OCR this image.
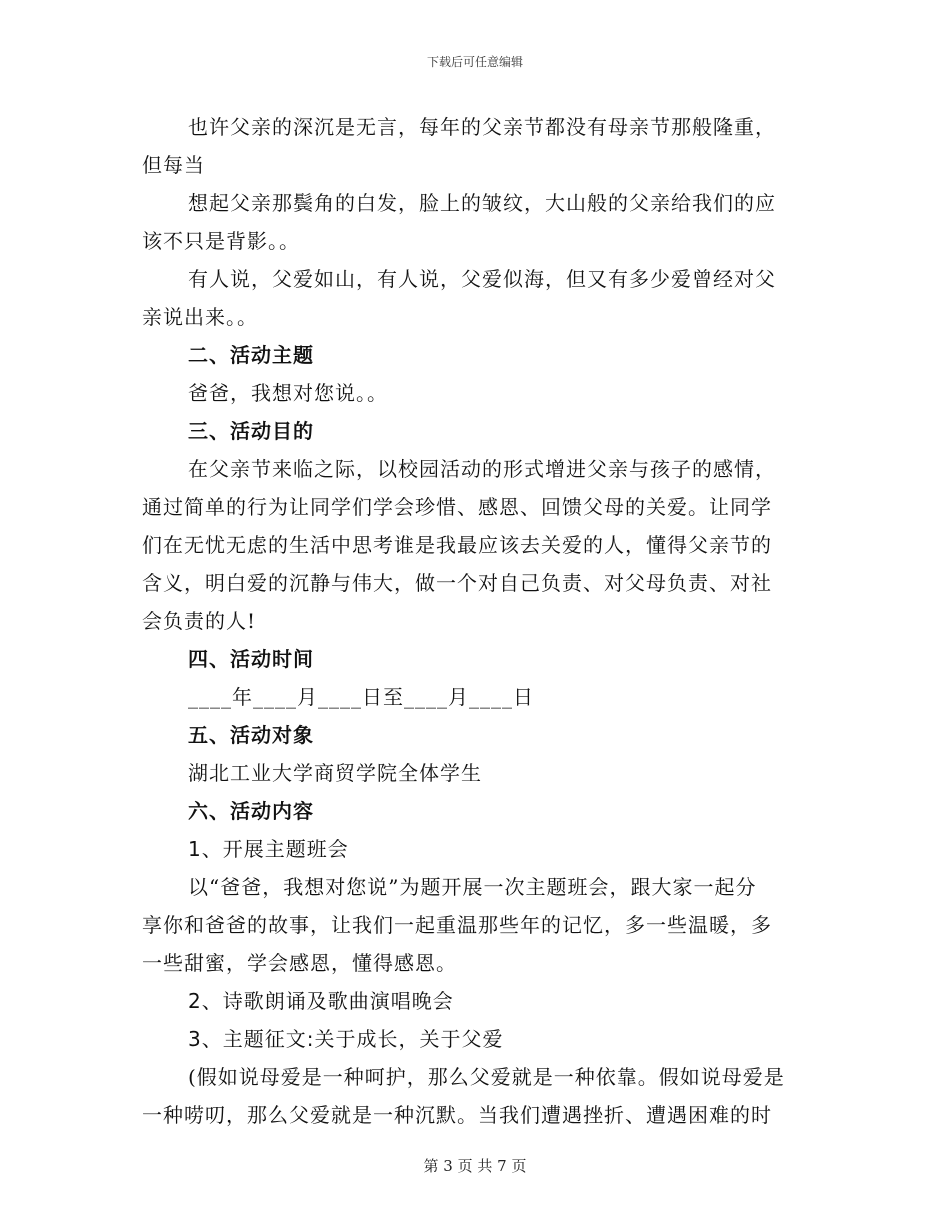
下载后可任意编辑
也许父亲的深沉是无言，每年的父亲节都没有母亲节那般隆重，
但每当
想起父亲那鬓角的白发，脸上的皱纹，大山般的父亲给我们的应
该不只是背影。。
有人说，父爱如山，有人说，父爱似海，但又有多少爱曾经对父
亲说出来。。
二、活动主题
爸爸，我想对您说。。
三、活动目的
在父亲节来临之际，以校园活动的形式增进父亲与孩子的感情，
通过简单的行为让同学们学会珍惜、感恩、回馈父母的关爱。让同学
们在无忧无虑的生活中思考谁是我最应该去关爱的人，懂得父亲节的
含义，明白爱的沉静与伟大，做一个对自己负责、对父母负责、对社
会负责的人!
四、活动时间
____年____月____日至____月____日
五、活动对象
湖北工业大学商贸学院全体学生
六、活动内容
1、开展主题班会
以“爸爸，我想对您说”为题开展一次主题班会，跟大家一起分
享你和爸爸的故事，让我们一起重温那些年的记忆，多一些温暖，多
一些甜蜜，学会感恩，懂得感恩。
2、诗歌朗诵及歌曲演唱晚会
3、主题征文:关于成长，关于父爱
(假如说母爱是一种呵护，那么父爱就是一种依靠。假如说母爱是
一种唠叨，那么父爱就是一种沉默。当我们遭遇挫折、遭遇困难的时
第 3 页 共 7 页
